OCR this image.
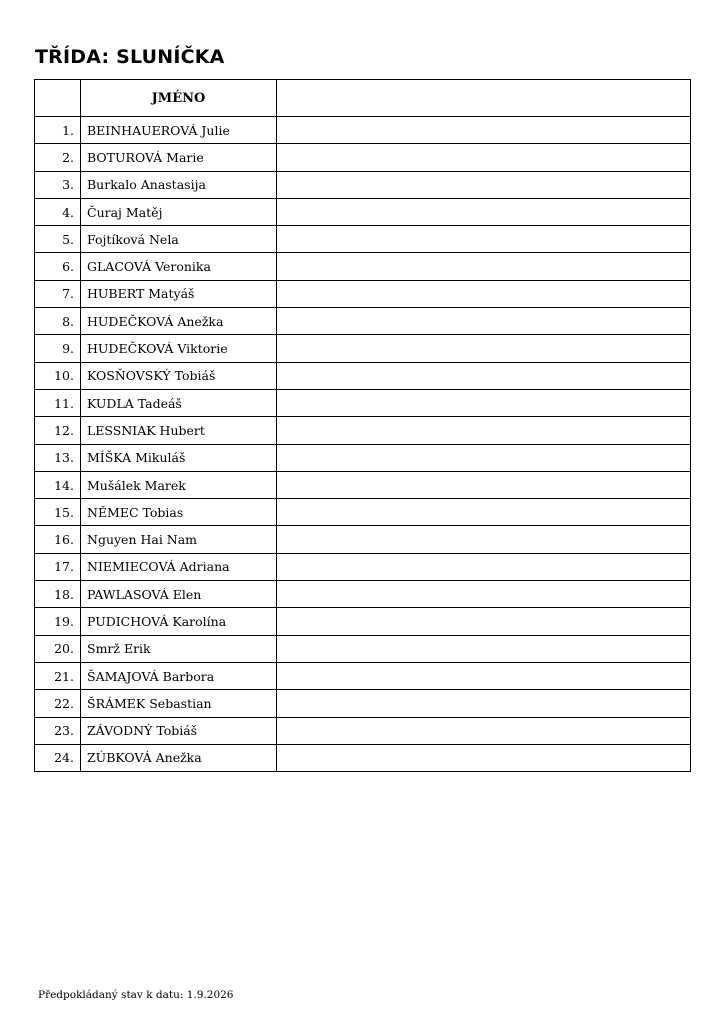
TŘÍDA: SLUNÍČKA
	JMÉNO	
1.	BEINHAUEROVÁ Julie	
2.	BOTUROVÁ Marie	
3.	Burkalo Anastasija	
4.	Čuraj Matěj	
5.	Fojtíková Nela	
6.	GLACOVÁ Veronika	
7.	HUBERT Matyáš	
8.	HUDEČKOVÁ Anežka	
9.	HUDEČKOVÁ Viktorie	
10.	KOSŇOVSKÝ Tobiáš	
11.	KUDLA Tadeáš	
12.	LESSNIAK Hubert	
13.	MÍŠKA Mikuláš	
14.	Mušálek Marek	
15.	NĚMEC Tobias	
16.	Nguyen Hai Nam	
17.	NIEMIECOVÁ Adriana	
18.	PAWLASOVÁ Elen	
19.	PUDICHOVÁ Karolína	
20.	Smrž Erik	
21.	ŠAMAJOVÁ Barbora	
22.	ŠRÁMEK Sebastian	
23.	ZÁVODNÝ Tobiáš	
24.	ZÚBKOVÁ Anežka	
Předpokládaný stav k datu: 1.9.2026
